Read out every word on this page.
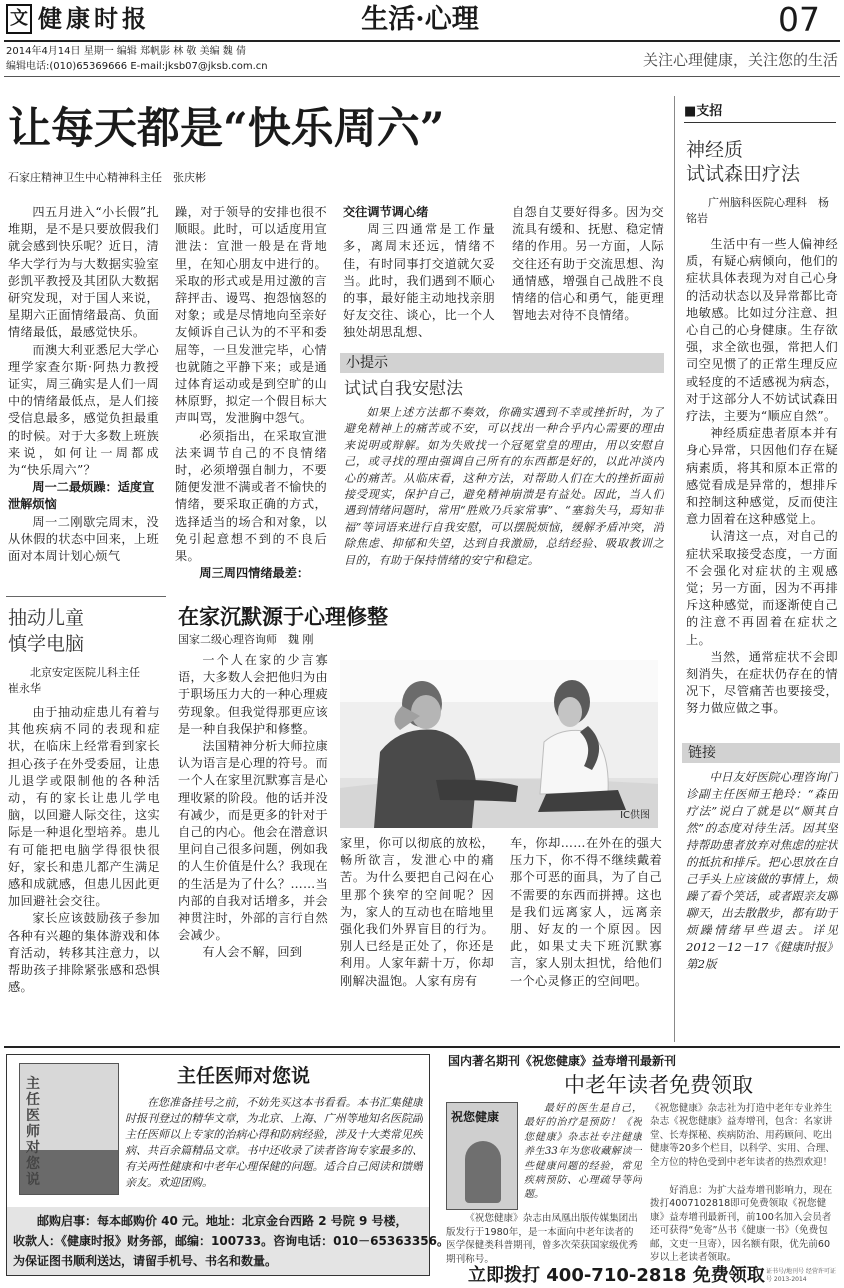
文 健康时报	生活·心理	07
2014年4月14日 星期一 编辑 郑帆影 林 敬 美编 魏 倩
编辑电话:(010)65369666 E-mail:jksb07@jksb.com.cn	关注心理健康，关注您的生活
让每天都是“快乐周六”
石家庄精神卫生中心精神科主任　张庆彬

四五月进入“小长假”扎堆期，是不是只要放假我们就会感到快乐呢？近日，清华大学行为与大数据实验室彭凯平教授及其团队大数据研究发现，对于国人来说，星期六正面情绪最高、负面情绪最低，最感觉快乐。

而澳大利亚悉尼大学心理学家查尔斯·阿热力教授证实，周三确实是人们一周中的情绪最低点，是人们接受信息最多，感觉负担最重的时候。对于大多数上班族来说，如何让一周都成为“快乐周六”？

周一二最烦躁：适度宣泄解烦恼

周一二刚歇完周末，没从休假的状态中回来，上班面对本周计划心烦气

躁，对于领导的安排也很不顺眼。此时，可以适度用宣泄法：宣泄一般是在背地里，在知心朋友中进行的。采取的形式或是用过激的言辞抨击、谩骂、抱怨恼怒的对象；或是尽情地向至亲好友倾诉自己认为的不平和委屈等，一旦发泄完毕，心情也就随之平静下来；或是通过体育运动或是到空旷的山林原野，拟定一个假目标大声叫骂，发泄胸中怨气。

必须指出，在采取宣泄法来调节自己的不良情绪时，必须增强自制力，不要随便发泄不满或者不愉快的情绪，要采取正确的方式，选择适当的场合和对象，以免引起意想不到的不良后果。

周三周四情绪最差：
交往调节调心绪

周三四通常是工作量多，离周末还远，情绪不佳，有时同事打交道就欠妥当。此时，我们遇到不顺心的事，最好能主动地找亲朋好友交往、谈心，比一个人独处胡思乱想、

自怨自艾要好得多。因为交流具有缓和、抚慰、稳定情绪的作用。另一方面，人际交往还有助于交流思想、沟通情感，增强自己战胜不良情绪的信心和勇气，能更理智地去对待不良情绪。

小提示
试试自我安慰法
如果上述方法都不奏效，你确实遇到不幸或挫折时，为了避免精神上的痛苦或不安，可以找出一种合乎内心需要的理由来说明或辩解。如为失败找一个冠冕堂皇的理由，用以安慰自己，或寻找的理由强调自己所有的东西都是好的，以此冲淡内心的痛苦。从临床看，这种方法，对帮助人们在大的挫折面前接受现实，保护自己，避免精神崩溃是有益处。因此，当人们遇到情绪问题时，常用“胜败乃兵家常事”、“塞翁失马，焉知非福”等词语来进行自我安慰，可以摆脱烦恼，缓解矛盾冲突，消除焦虑、抑郁和失望，达到自我激励，总结经验、吸取教训之目的，有助于保持情绪的安宁和稳定。
在家沉默源于心理修整
国家二级心理咨询师　魏 刚

一个人在家的少言寡语，大多数人会把他归为由于职场压力大的一种心理疲劳现象。但我觉得那更应该是一种自我保护和修整。

法国精神分析大师拉康认为语言是心理的符号。而一个人在家里沉默寡言是心理收紧的阶段。他的话并没有减少，而是更多的针对于自己的内心。他会在潜意识里问自己很多问题，例如我的人生价值是什么？我现在的生活是为了什么？……当内部的自我对话增多，并会神贯注时，外部的言行自然会减少。

有人会不解，回到

IC供图

家里，你可以彻底的放松，畅所欲言，发泄心中的痛苦。为什么要把自己闷在心里那个狭窄的空间呢？因为，家人的互动也在暗地里强化我们外界盲目的行为。别人已经是正处了，你还是利用。人家年薪十万，你却刚解决温饱。人家有房有

车，你却……在外在的强大压力下，你不得不继续戴着那个可恶的面具，为了自己不需要的东西而拼搏。这也是我们远离家人，远离亲朋、好友的一个原因。因此，如果丈夫下班沉默寡言，家人别太担忧，给他们一个心灵修正的空间吧。

抽动儿童
慎学电脑
北京安定医院儿科主任　崔永华

由于抽动症患儿有着与其他疾病不同的表现和症状，在临床上经常看到家长担心孩子在外受委屈，让患儿退学或限制他的各种活动，有的家长让患儿学电脑，以回避人际交往，这实际是一种退化型培养。患儿有可能把电脑学得很快很好，家长和患儿都产生满足感和成就感，但患儿因此更加回避社会交往。

家长应该鼓励孩子参加各种有兴趣的集体游戏和体育活动，转移其注意力，以帮助孩子排除紧张感和恐惧感。

■支招
神经质
试试森田疗法
广州脑科医院心理科　杨铭岩

生活中有一些人偏神经质，有疑心病倾向，他们的症状具体表现为对自己心身的活动状态以及异常都比奇地敏感。比如过分注意、担心自己的心身健康。生存欲强，求全欲也强，常把人们司空见惯了的正常生理反应或轻度的不适感视为病态，对于这部分人不妨试试森田疗法，主要为“顺应自然”。

神经质症患者原本并有身心异常，只因他们存在疑病素质，将其和原本正常的感觉看成是异常的，想排斥和控制这种感觉，反而使注意力固着在这种感觉上。

认清这一点，对自己的症状采取接受态度，一方面不会强化对症状的主观感觉；另一方面，因为不再排斥这种感觉，而逐渐使自己的注意不再固着在症状之上。

当然，通常症状不会即刻消失，在症状仍存在的情况下，尽管痛苦也要接受，努力做应做之事。

链接
中日友好医院心理咨询门诊副主任医师王艳玲：“森田疗法”说白了就是以“顺其自然”的态度对待生活。因其坚持帮助患者放弃对焦虑的症状的抵抗和排斥。把心思放在自己手头上应该做的事情上，烦躁了看个笑话，或者跟亲友聊聊天，出去散散步，都有助于烦躁情绪早些退去。详见2012－12－17《健康时报》第2版
主任医师对您说
主任医师对您说
在您准备挂号之前，不妨先买这本书看看。本书汇集健康时报刊登过的精华文章，为北京、上海、广州等地知名医院副主任医师以上专家的治病心得和防病经验，涉及十大类常见疾病、共百余篇精品文章。书中还收录了读者咨询专家最多的、有关两性健康和中老年心理保健的问题。适合自己阅读和馈赠亲友。欢迎团购。
邮购启事：每本邮购价 40 元。地址：北京金台西路 2 号院 9 号楼，
收款人：《健康时报》财务部，邮编：100733。咨询电话：010－65363356。
为保证图书顺利送达，请留手机号、书名和数量。
国内著名期刊《祝您健康》益寿增刊最新刊
中老年读者免费领取
祝您健康
最好的医生是自己，最好的治疗是预防！《祝您健康》杂志社专注健康养生33年为您收藏解读一些健康问题的经验，常见疾病预防、心理疏导等问题。
《祝您健康》杂志由凤凰出版传媒集团出版发行于1980年，是一本面向中老年读者的医学保健类科普期刊，曾多次荣获国家级优秀期刊称号。
《祝您健康》杂志社为打造中老年专业养生杂志《祝您健康》益寿增刊，包含：名家讲堂、长寿探秘、疾病防治、用药顾问、吃出健康等20多个栏目，以科学、实用、合理、全方位的特色受到中老年读者的热烈欢迎！
好消息：为扩大益寿增刊影响力，现在拨打4007102818即可免费领取《祝您健康》益寿增刊最新刊，前100名加入会员者还可获得“免寄”丛书《健康一书》（免费包邮，文吏一旦寄），因名额有限，优先前60岁以上老读者领取。
立即拨打 400-710-2818 免费领取 证书号/地刊号 经营许可证号 2013-2014
